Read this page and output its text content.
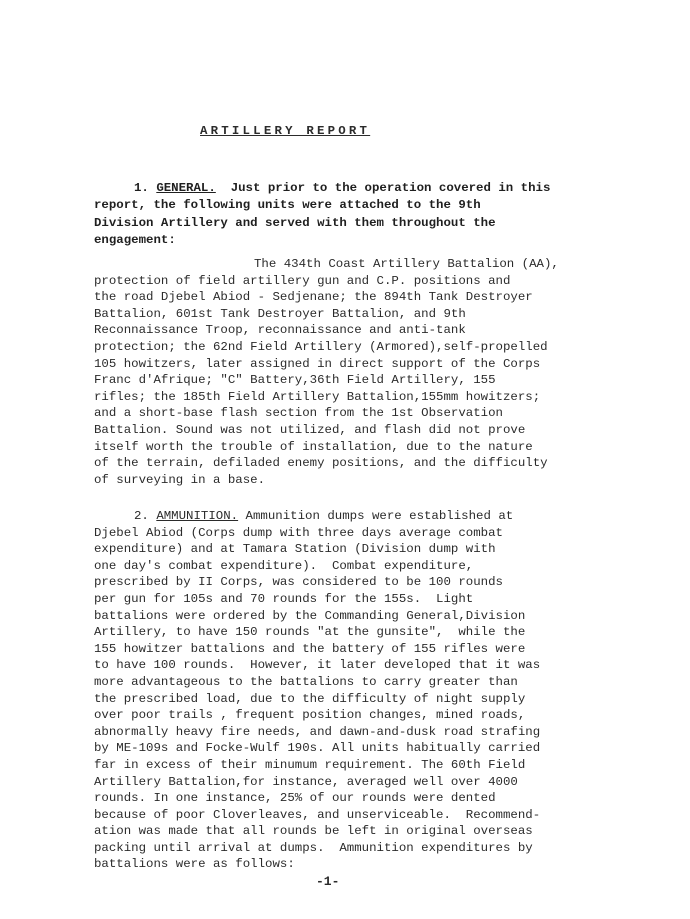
ARTILLERY REPORT
1. GENERAL. Just prior to the operation covered in this
report, the following units were attached to the 9th
Division Artillery and served with them throughout the
engagement:
The 434th Coast Artillery Battalion (AA),
protection of field artillery gun and C.P. positions and
the road Djebel Abiod - Sedjenane; the 894th Tank Destroyer
Battalion, 601st Tank Destroyer Battalion, and 9th
Reconnaissance Troop, reconnaissance and anti-tank
protection; the 62nd Field Artillery (Armored),self-propelled
105 howitzers, later assigned in direct support of the Corps
Franc d'Afrique; "C" Battery,36th Field Artillery, 155
rifles; the 185th Field Artillery Battalion,155mm howitzers;
and a short-base flash section from the 1st Observation
Battalion. Sound was not utilized, and flash did not prove
itself worth the trouble of installation, due to the nature
of the terrain, defiladed enemy positions, and the difficulty
of surveying in a base.
2. AMMUNITION. Ammunition dumps were established at
Djebel Abiod (Corps dump with three days average combat
expenditure) and at Tamara Station (Division dump with
one day's combat expenditure).  Combat expenditure,
prescribed by II Corps, was considered to be 100 rounds
per gun for 105s and 70 rounds for the 155s.  Light
battalions were ordered by the Commanding General,Division
Artillery, to have 150 rounds "at the gunsite",  while the
155 howitzer battalions and the battery of 155 rifles were
to have 100 rounds.  However, it later developed that it was
more advantageous to the battalions to carry greater than
the prescribed load, due to the difficulty of night supply
over poor trails , frequent position changes, mined roads,
abnormally heavy fire needs, and dawn-and-dusk road strafing
by ME-109s and Focke-Wulf 190s. All units habitually carried
far in excess of their minumum requirement. The 60th Field
Artillery Battalion,for instance, averaged well over 4000
rounds. In one instance, 25% of our rounds were dented
because of poor Cloverleaves, and unserviceable.  Recommend-
ation was made that all rounds be left in original overseas
packing until arrival at dumps.  Ammunition expenditures by
battalions were as follows:
-1-
